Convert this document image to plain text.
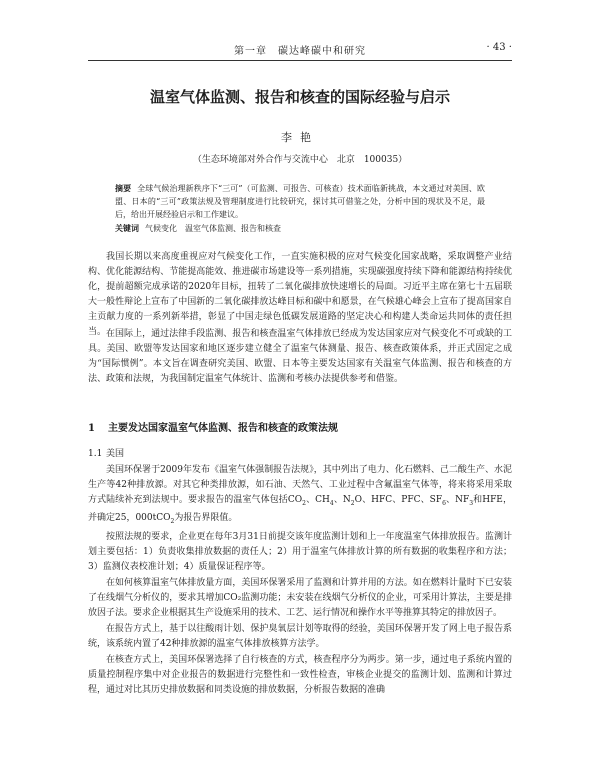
第一章　碳达峰碳中和研究	· 43 ·
温室气体监测、报告和核查的国际经验与启示
李艳
（生态环境部对外合作与交流中心　北京　100035）
摘要 全球气候治理新秩序下“三可”（可监测、可报告、可核查）技术面临新挑战，本文通过对美国、欧盟、日本的“三可”政策法规及管理制度进行比较研究，探讨其可借鉴之处，分析中国的现状及不足，最后，给出开展经验启示和工作建议。
关键词 气候变化　温室气体监测、报告和核查

我国长期以来高度重视应对气候变化工作，一直实施积极的应对气候变化国家战略，采取调整产业结构、优化能源结构、节能提高能效、推进碳市场建设等一系列措施，实现碳强度持续下降和能源结构持续优化，提前超额完成承诺的2020年目标，扭转了二氧化碳排放快速增长的局面。习近平主席在第七十五届联大一般性辩论上宣布了中国新的二氧化碳排放达峰目标和碳中和愿景，在气候雄心峰会上宣布了提高国家自主贡献力度的一系列新举措，彰显了中国走绿色低碳发展道路的坚定决心和构建人类命运共同体的责任担当。 在国际上，通过法律手段监测、报告和核查温室气体排放已经成为发达国家应对气候变化不可或缺的工具。美国、欧盟等发达国家和地区逐步建立健全了温室气体测量、报告、核查政策体系，并正式固定之成为“国际惯例”。本文旨在调查研究美国、欧盟、日本等主要发达国家有关温室气体监测、报告和核查的方法、政策和法规，为我国制定温室气体统计、监测和考核办法提供参考和借鉴。

1 主要发达国家温室气体监测、报告和核查的政策法规
1.1 美国

美国环保署于2009年发布《温室气体强制报告法规》，其中列出了电力、化石燃料、己二酸生产、水泥生产等42种排放源。对其它种类排放源，如石油、天然气、工业过程中含氟温室气体等，将来将采用采取方式陆续补充到法规中。要求报告的温室气体包括$CO_2$、$CH_4$、$N_2O$、HFC、PFC、$SF_6$、$NF_3$和HFE，并确定25，000tCO$_2$为报告界限值。

按照法规的要求，企业更在每年3月31日前提交该年度监测计划和上一年度温室气体排放报告。监测计划主要包括：1）负责收集排放数据的责任人；2）用于温室气体排放计算的所有数据的收集程序和方法；3）监测仪表校准计划；4）质量保证程序等。

在如何核算温室气体排放量方面，美国环保署采用了监测和计算并用的方法。如在燃料计量时下已安装了在线烟气分析仪的，要求其增加CO₂监测功能；未安装在线烟气分析仪的企业，可采用计算法，主要是排放因子法。要求企业根据其生产设施采用的技术、工艺、运行情况和操作水平等推算其特定的排放因子。

在报告方式上，基于以往酸雨计划、保护臭氧层计划等取得的经验，美国环保署开发了网上电子报告系统，该系统内置了42种排放源的温室气体排放核算方法学。

在核查方式上，美国环保署选择了自行核查的方式，核查程序分为两步。第一步，通过电子系统内置的质量控制程序集中对企业报告的数据进行完整性和一致性检查，审核企业提交的监测计划、监测和计算过程，通过对比其历史排放数据和同类设施的排放数据，分析报告数据的准确
